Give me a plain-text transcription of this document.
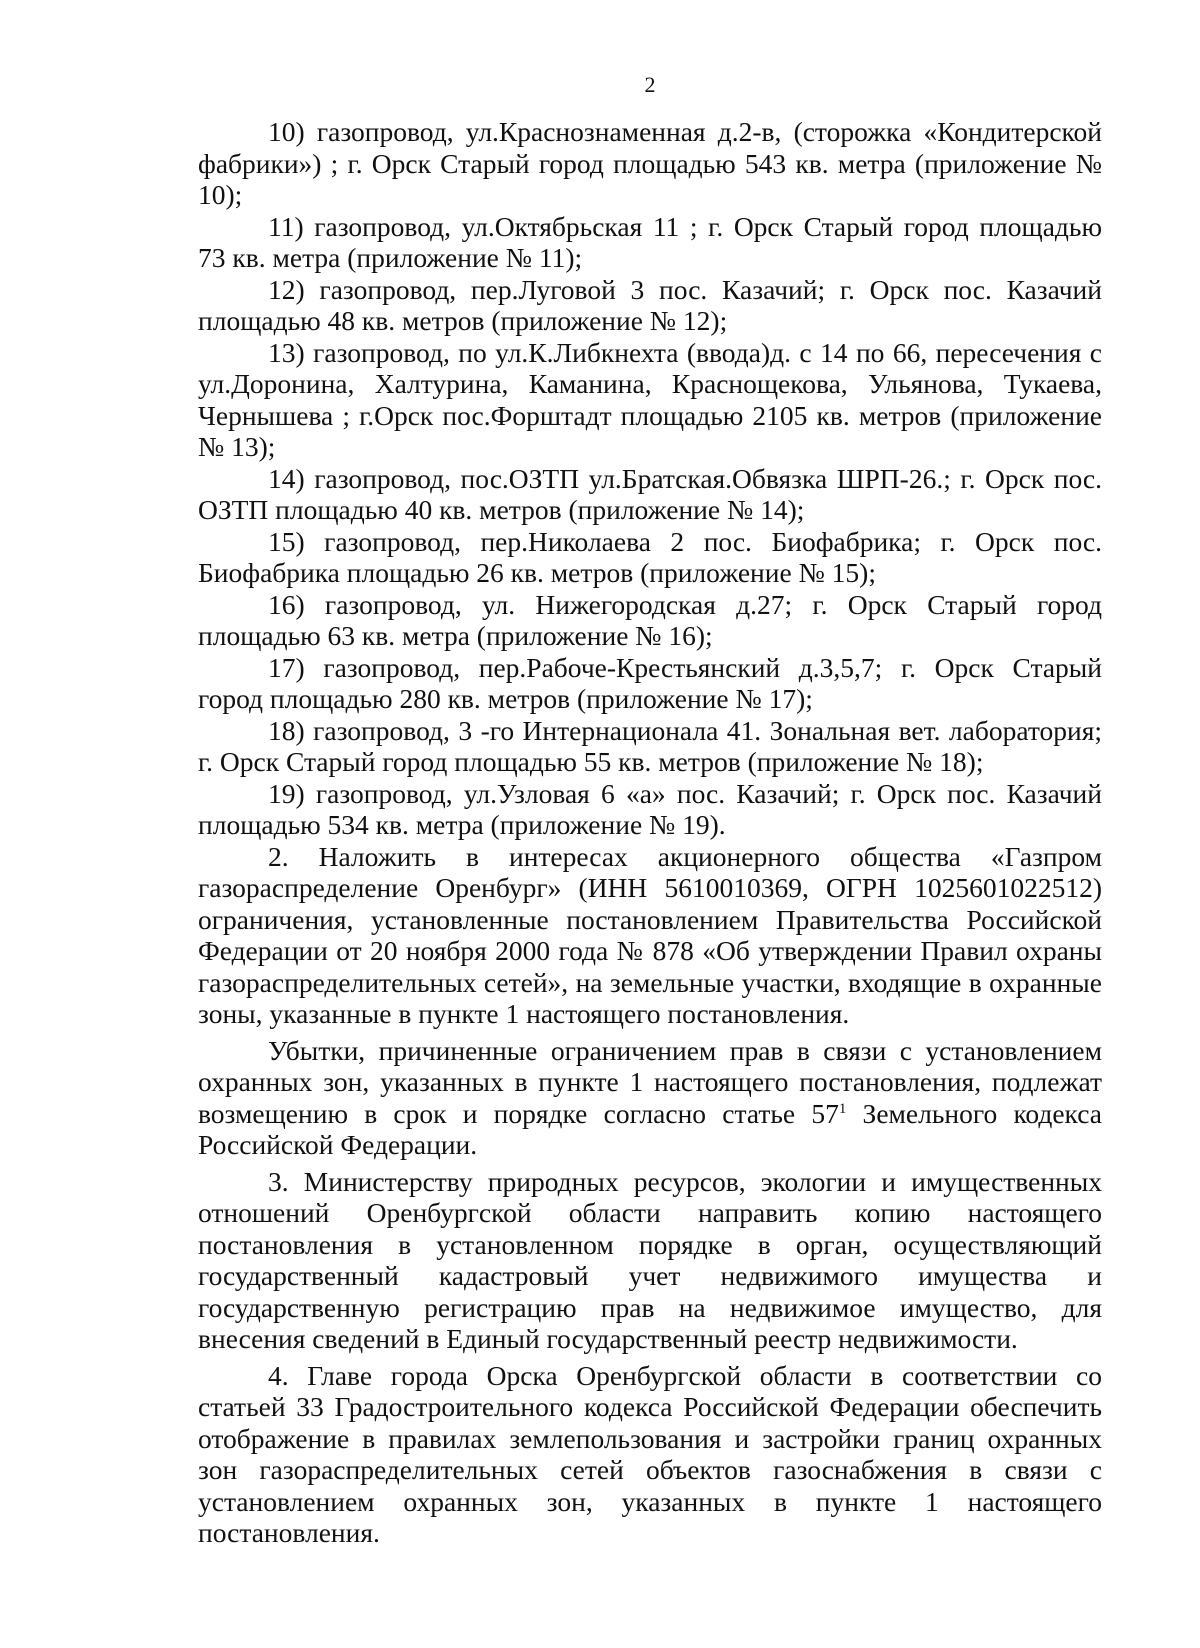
2

10) газопровод, ул.Краснознаменная д.2-в, (сторожка «Кондитерской фабрики») ; г. Орск Старый город площадью 543 кв. метра (приложение № 10);

11) газопровод, ул.Октябрьская 11 ; г. Орск Старый город площадью 73 кв. метра (приложение № 11);

12) газопровод, пер.Луговой 3 пос. Казачий; г. Орск пос. Казачий площадью 48 кв. метров (приложение № 12);

13) газопровод, по ул.К.Либкнехта (ввода)д. с 14 по 66, пересечения с ул.Доронина, Халтурина, Каманина, Краснощекова, Ульянова, Тукаева, Чернышева ; г.Орск пос.Форштадт площадью 2105 кв. метров (приложение № 13);

14) газопровод, пос.ОЗТП ул.Братская.Обвязка ШРП-26.; г. Орск пос. ОЗТП площадью 40 кв. метров (приложение № 14);

15) газопровод, пер.Николаева 2 пос. Биофабрика; г. Орск пос. Биофабрика площадью 26 кв. метров (приложение № 15);

16) газопровод, ул. Нижегородская д.27; г. Орск Старый город площадью 63 кв. метра (приложение № 16);

17) газопровод, пер.Рабоче-Крестьянский д.3,5,7; г. Орск Старый город площадью 280 кв. метров (приложение № 17);

18) газопровод, 3 -го Интернационала 41. Зональная вет. лаборатория; г. Орск Старый город площадью 55 кв. метров (приложение № 18);

19) газопровод, ул.Узловая 6 «а» пос. Казачий; г. Орск пос. Казачий площадью 534 кв. метра (приложение № 19).

2. Наложить в интересах акционерного общества «Газпром газораспределение Оренбург» (ИНН 5610010369, ОГРН 1025601022512) ограничения, установленные постановлением Правительства Российской Федерации от 20 ноября 2000 года № 878 «Об утверждении Правил охраны газораспределительных сетей», на земельные участки, входящие в охранные зоны, указанные в пункте 1 настоящего постановления.

Убытки, причиненные ограничением прав в связи с установлением охранных зон, указанных в пункте 1 настоящего постановления, подлежат возмещению в срок и порядке согласно статье $57^1$ Земельного кодекса Российской Федерации.

3. Министерству природных ресурсов, экологии и имущественных отношений Оренбургской области направить копию настоящего постановления в установленном порядке в орган, осуществляющий государственный кадастровый учет недвижимого имущества и государственную регистрацию прав на недвижимое имущество, для внесения сведений в Единый государственный реестр недвижимости.

4. Главе города Орска Оренбургской области в соответствии со статьей 33 Градостроительного кодекса Российской Федерации обеспечить отображение в правилах землепользования и застройки границ охранных зон газораспределительных сетей объектов газоснабжения в связи с установлением охранных зон, указанных в пункте 1 настоящего постановления.
